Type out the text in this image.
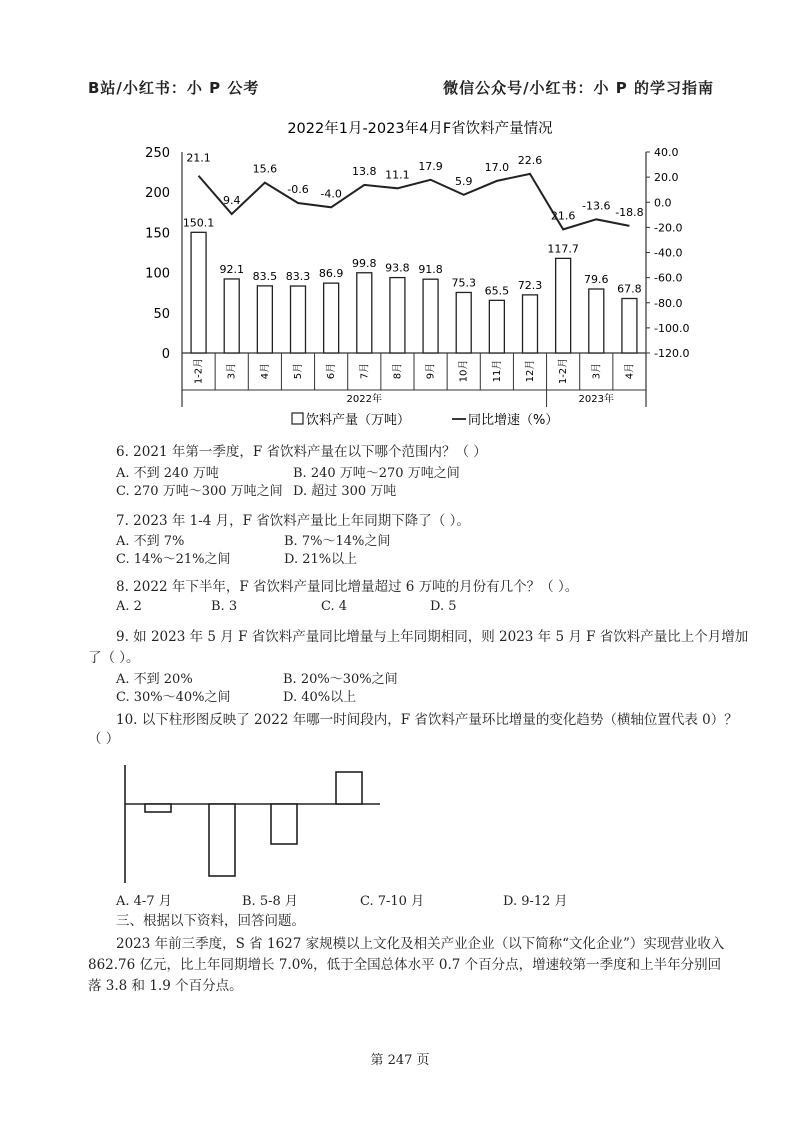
B站/小红书：小 P 公考	微信公众号/小红书：小 P 的学习指南
2022年1月-2023年4月F省饮料产量情况
0
50
100
150
200
250	40.0
20.0
0.0
-20.0
-40.0
-60.0
-80.0
-100.0
-120.0
2022年	2023年
150.1
1-2月
92.1
3月
83.5
4月
83.3
5月
86.9
6月
99.8
7月
93.8
8月
91.8
9月
75.3
10月
65.5
11月
72.3
12月
117.7
1-2月
79.6
3月
67.8
4月
21.1
9.4
15.6
-0.6 -4.0
13.8 11.1
17.9
5.9
17.0
22.6
21.6
-13.6
-18.8
饮料产量（万吨）	同比增速（%）
6. 2021 年第一季度，F 省饮料产量在以下哪个范围内？（ ）
A. 不到 240 万吨	B. 240 万吨～270 万吨之间
C. 270 万吨～300 万吨之间 D. 超过 300 万吨
7. 2023 年 1-4 月，F 省饮料产量比上年同期下降了（ ）。
A. 不到 7%	B. 7%～14%之间
C. 14%～21%之间	D. 21%以上
8. 2022 年下半年，F 省饮料产量同比增量超过 6 万吨的月份有几个？（ ）。
A. 2	B. 3	C. 4	D. 5
9. 如 2023 年 5 月 F 省饮料产量同比增量与上年同期相同，则 2023 年 5 月 F 省饮料产量比上个月增加
了（ ）。
A. 不到 20%	B. 20%～30%之间
C. 30%～40%之间	D. 40%以上
10. 以下柱形图反映了 2022 年哪一时间段内，F 省饮料产量环比增量的变化趋势（横轴位置代表 0）？
（ ）
A. 4-7 月	B. 5-8 月	C. 7-10 月	D. 9-12 月
三、根据以下资料，回答问题。
2023 年前三季度，S 省 1627 家规模以上文化及相关产业企业（以下简称“文化企业”）实现营业收入 862.76 亿元，比上年同期增长 7.0%，低于全国总体水平 0.7 个百分点，增速较第一季度和上半年分别回落 3.8 和 1.9 个百分点。
第 247 页
